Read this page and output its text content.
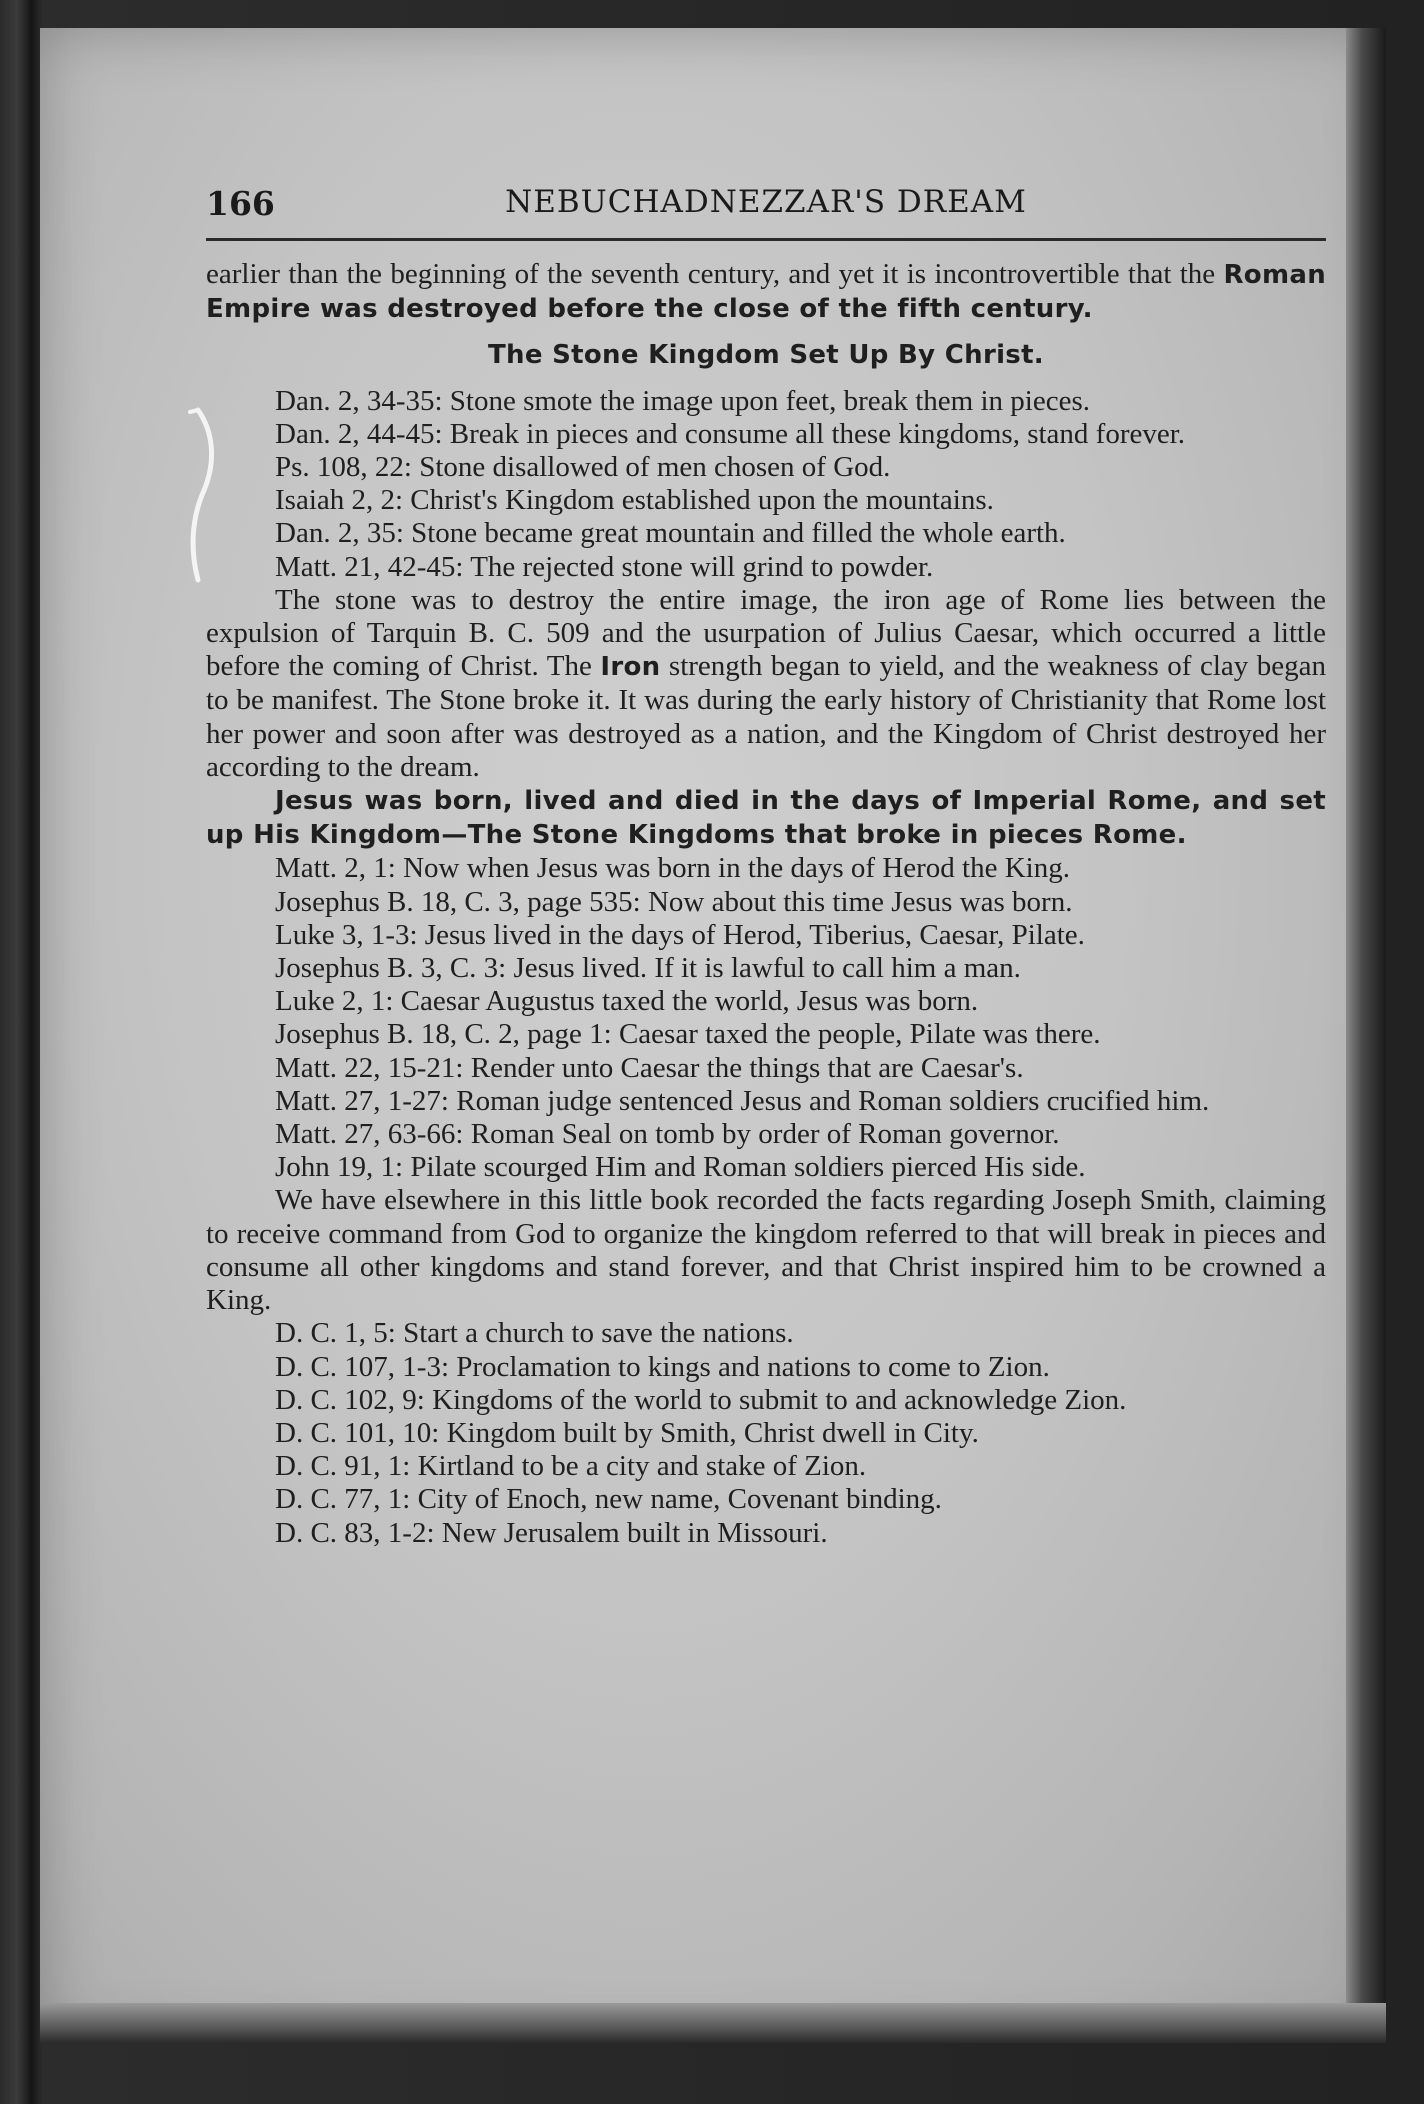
166	NEBUCHADNEZZAR'S DREAM

earlier than the beginning of the seventh century, and yet it is incontrovertible that the Roman Empire was destroyed before the close of the fifth century.

The Stone Kingdom Set Up By Christ.

Dan. 2, 34-35: Stone smote the image upon feet, break them in pieces.

Dan. 2, 44-45: Break in pieces and consume all these kingdoms, stand forever.

Ps. 108, 22: Stone disallowed of men chosen of God.

Isaiah 2, 2: Christ's Kingdom established upon the mountains.

Dan. 2, 35: Stone became great mountain and filled the whole earth.

Matt. 21, 42-45: The rejected stone will grind to powder.

The stone was to destroy the entire image, the iron age of Rome lies between the expulsion of Tarquin B. C. 509 and the usurpation of Julius Caesar, which occurred a little before the coming of Christ. The Iron strength began to yield, and the weakness of clay began to be manifest. The Stone broke it. It was during the early history of Christianity that Rome lost her power and soon after was destroyed as a nation, and the Kingdom of Christ destroyed her according to the dream.

Jesus was born, lived and died in the days of Imperial Rome, and set up His Kingdom—The Stone Kingdoms that broke in pieces Rome.

Matt. 2, 1: Now when Jesus was born in the days of Herod the King.

Josephus B. 18, C. 3, page 535: Now about this time Jesus was born.

Luke 3, 1-3: Jesus lived in the days of Herod, Tiberius, Caesar, Pilate.

Josephus B. 3, C. 3: Jesus lived. If it is lawful to call him a man.

Luke 2, 1: Caesar Augustus taxed the world, Jesus was born.

Josephus B. 18, C. 2, page 1: Caesar taxed the people, Pilate was there.

Matt. 22, 15-21: Render unto Caesar the things that are Caesar's.

Matt. 27, 1-27: Roman judge sentenced Jesus and Roman soldiers crucified him.

Matt. 27, 63-66: Roman Seal on tomb by order of Roman governor.

John 19, 1: Pilate scourged Him and Roman soldiers pierced His side.

We have elsewhere in this little book recorded the facts regarding Joseph Smith, claiming to receive command from God to organize the kingdom referred to that will break in pieces and consume all other kingdoms and stand forever, and that Christ inspired him to be crowned a King.

D. C. 1, 5: Start a church to save the nations.

D. C. 107, 1-3: Proclamation to kings and nations to come to Zion.

D. C. 102, 9: Kingdoms of the world to submit to and acknowledge Zion.

D. C. 101, 10: Kingdom built by Smith, Christ dwell in City.

D. C. 91, 1: Kirtland to be a city and stake of Zion.

D. C. 77, 1: City of Enoch, new name, Covenant binding.

D. C. 83, 1-2: New Jerusalem built in Missouri.
